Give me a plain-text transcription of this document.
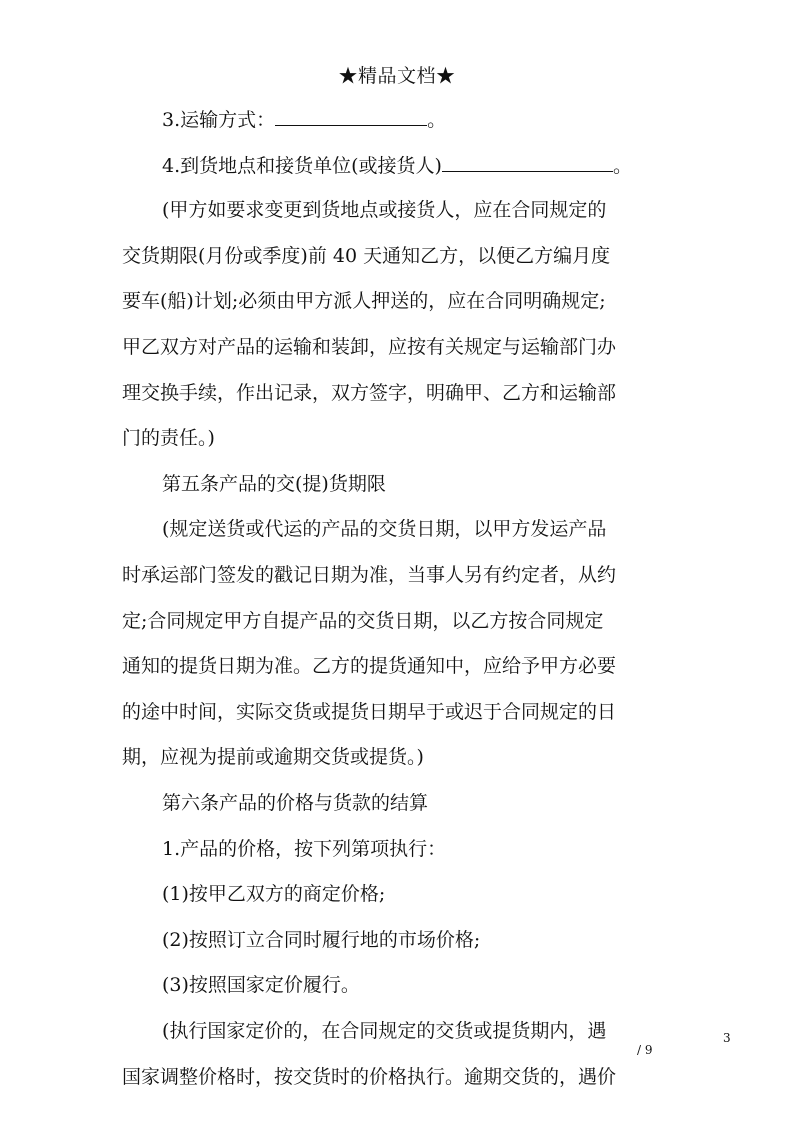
★精品文档★
3.运输方式：	。
4.到货地点和接货单位(或接货人)	。
(甲方如要求变更到货地点或接货人，应在合同规定的
交货期限(月份或季度)前 40 天通知乙方，以便乙方编月度
要车(船)计划;必须由甲方派人押送的，应在合同明确规定;
甲乙双方对产品的运输和装卸，应按有关规定与运输部门办
理交换手续，作出记录，双方签字，明确甲、乙方和运输部
门的责任。)
第五条产品的交(提)货期限
(规定送货或代运的产品的交货日期，以甲方发运产品
时承运部门签发的戳记日期为准，当事人另有约定者，从约
定;合同规定甲方自提产品的交货日期，以乙方按合同规定
通知的提货日期为准。乙方的提货通知中，应给予甲方必要
的途中时间，实际交货或提货日期早于或迟于合同规定的日
期，应视为提前或逾期交货或提货。)
第六条产品的价格与货款的结算
1.产品的价格，按下列第项执行：
(1)按甲乙双方的商定价格;
(2)按照订立合同时履行地的市场价格;
(3)按照国家定价履行。
(执行国家定价的，在合同规定的交货或提货期内，遇
国家调整价格时，按交货时的价格执行。逾期交货的，遇价
3
/ 9
